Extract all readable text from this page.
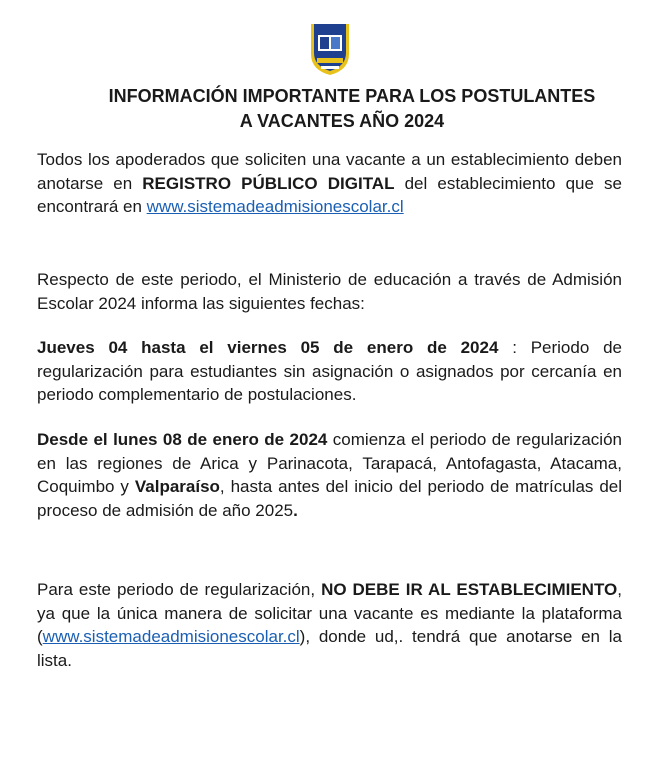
INFORMACIÓN IMPORTANTE PARA LOS POSTULANTES
A VACANTES AÑO 2024
Todos los apoderados que soliciten una vacante a un establecimiento deben anotarse en REGISTRO PÚBLICO DIGITAL del establecimiento que se encontrará en www.sistemadeadmisionescolar.cl
Respecto de este periodo, el Ministerio de educación a través de Admisión Escolar 2024 informa las siguientes fechas:
Jueves 04 hasta el viernes 05 de enero de 2024 : Periodo de regularización para estudiantes sin asignación o asignados por cercanía en periodo complementario de postulaciones.
Desde el lunes 08 de enero de 2024 comienza el periodo de regularización en las regiones de Arica y Parinacota, Tarapacá, Antofagasta, Atacama, Coquimbo y Valparaíso, hasta antes del inicio del periodo de matrículas del proceso de admisión de año 2025.
Para este periodo de regularización, NO DEBE IR AL ESTABLECIMIENTO, ya que la única manera de solicitar una vacante es mediante la plataforma (www.sistemadeadmisionescolar.cl), donde ud,. tendrá que anotarse en la lista.
